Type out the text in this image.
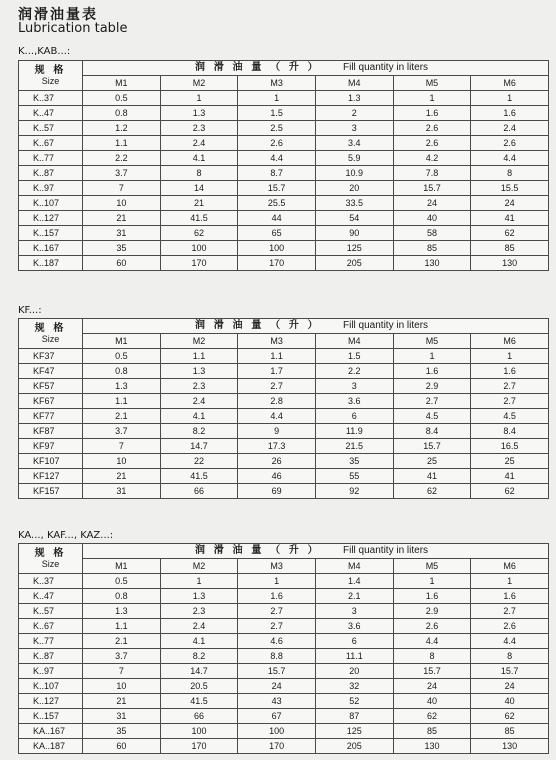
润滑油量表
Lubrication table
K...,KAB...:
规 格
Size	润 滑 油 量 （ 升 ） Fill quantity in liters					

	M1	M2	M3	M4	M5	M6
K..37	0.5	1	1	1.3	1	1
K..47	0.8	1.3	1.5	2	1.6	1.6
K..57	1.2	2.3	2.5	3	2.6	2.4
K..67	1.1	2.4	2.6	3.4	2.6	2.6
K..77	2.2	4.1	4.4	5.9	4.2	4.4
K..87	3.7	8	8.7	10.9	7.8	8
K..97	7	14	15.7	20	15.7	15.5
K..107	10	21	25.5	33.5	24	24
K..127	21	41.5	44	54	40	41
K..157	31	62	65	90	58	62
K..167	35	100	100	125	85	85
K..187	60	170	170	205	130	130
KF...:
规 格
Size	润 滑 油 量 （ 升 ） Fill quantity in liters					

	M1	M2	M3	M4	M5	M6
KF37	0.5	1.1	1.1	1.5	1	1
KF47	0.8	1.3	1.7	2.2	1.6	1.6
KF57	1.3	2.3	2.7	3	2.9	2.7
KF67	1.1	2.4	2.8	3.6	2.7	2.7
KF77	2.1	4.1	4.4	6	4.5	4.5
KF87	3.7	8.2	9	11.9	8.4	8.4
KF97	7	14.7	17.3	21.5	15.7	16.5
KF107	10	22	26	35	25	25
KF127	21	41.5	46	55	41	41
KF157	31	66	69	92	62	62
KA..., KAF..., KAZ...:
规 格
Size	润 滑 油 量 （ 升 ） Fill quantity in liters					

	M1	M2	M3	M4	M5	M6
K..37	0.5	1	1	1.4	1	1
K..47	0.8	1.3	1.6	2.1	1.6	1.6
K..57	1.3	2.3	2.7	3	2.9	2.7
K..67	1.1	2.4	2.7	3.6	2.6	2.6
K..77	2.1	4.1	4.6	6	4.4	4.4
K..87	3.7	8.2	8.8	11.1	8	8
K..97	7	14.7	15.7	20	15.7	15.7
K..107	10	20.5	24	32	24	24
K..127	21	41.5	43	52	40	40
K..157	31	66	67	87	62	62
KA..167	35	100	100	125	85	85
KA..187	60	170	170	205	130	130
